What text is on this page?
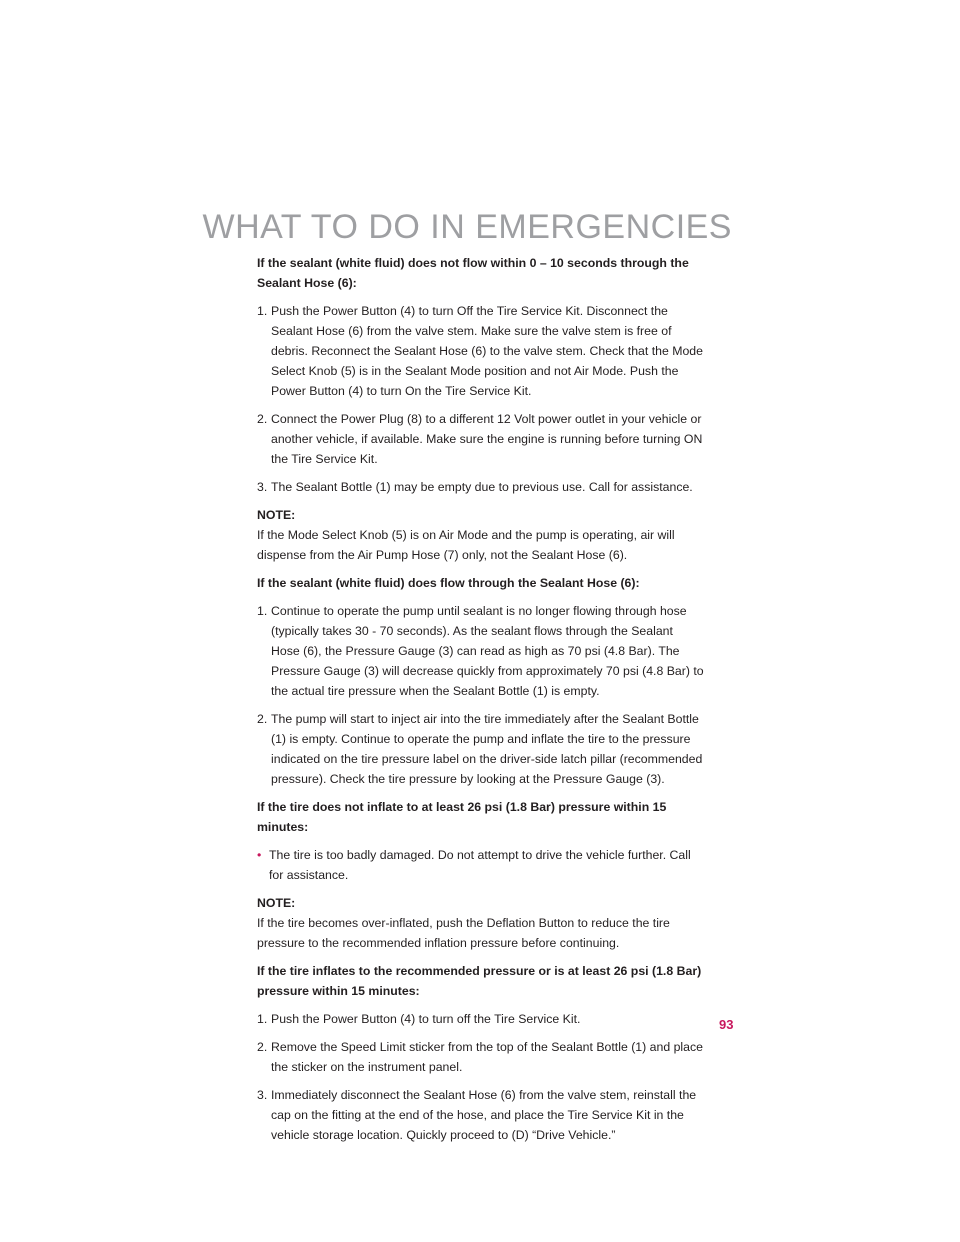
WHAT TO DO IN EMERGENCIES

If the sealant (white fluid) does not flow within 0 – 10 seconds through the Sealant Hose (6):

1. Push the Power Button (4) to turn Off the Tire Service Kit. Disconnect the Sealant Hose (6) from the valve stem. Make sure the valve stem is free of debris. Reconnect the Sealant Hose (6) to the valve stem. Check that the Mode Select Knob (5) is in the Sealant Mode position and not Air Mode. Push the Power Button (4) to turn On the Tire Service Kit.
2. Connect the Power Plug (8) to a different 12 Volt power outlet in your vehicle or another vehicle, if available. Make sure the engine is running before turning ON the Tire Service Kit.
3. The Sealant Bottle (1) may be empty due to previous use. Call for assistance.

NOTE:

If the Mode Select Knob (5) is on Air Mode and the pump is operating, air will dispense from the Air Pump Hose (7) only, not the Sealant Hose (6).

If the sealant (white fluid) does flow through the Sealant Hose (6):

1. Continue to operate the pump until sealant is no longer flowing through hose (typically takes 30 - 70 seconds). As the sealant flows through the Sealant Hose (6), the Pressure Gauge (3) can read as high as 70 psi (4.8 Bar). The Pressure Gauge (3) will decrease quickly from approximately 70 psi (4.8 Bar) to the actual tire pressure when the Sealant Bottle (1) is empty.
2. The pump will start to inject air into the tire immediately after the Sealant Bottle (1) is empty. Continue to operate the pump and inflate the tire to the pressure indicated on the tire pressure label on the driver-side latch pillar (recommended pressure). Check the tire pressure by looking at the Pressure Gauge (3).

If the tire does not inflate to at least 26 psi (1.8 Bar) pressure within 15 minutes:

• The tire is too badly damaged. Do not attempt to drive the vehicle further. Call for assistance.

NOTE:

If the tire becomes over-inflated, push the Deflation Button to reduce the tire pressure to the recommended inflation pressure before continuing.

If the tire inflates to the recommended pressure or is at least 26 psi (1.8 Bar) pressure within 15 minutes:

1. Push the Power Button (4) to turn off the Tire Service Kit.
2. Remove the Speed Limit sticker from the top of the Sealant Bottle (1) and place the sticker on the instrument panel.
3. Immediately disconnect the Sealant Hose (6) from the valve stem, reinstall the cap on the fitting at the end of the hose, and place the Tire Service Kit in the vehicle storage location. Quickly proceed to (D) “Drive Vehicle.”
93
